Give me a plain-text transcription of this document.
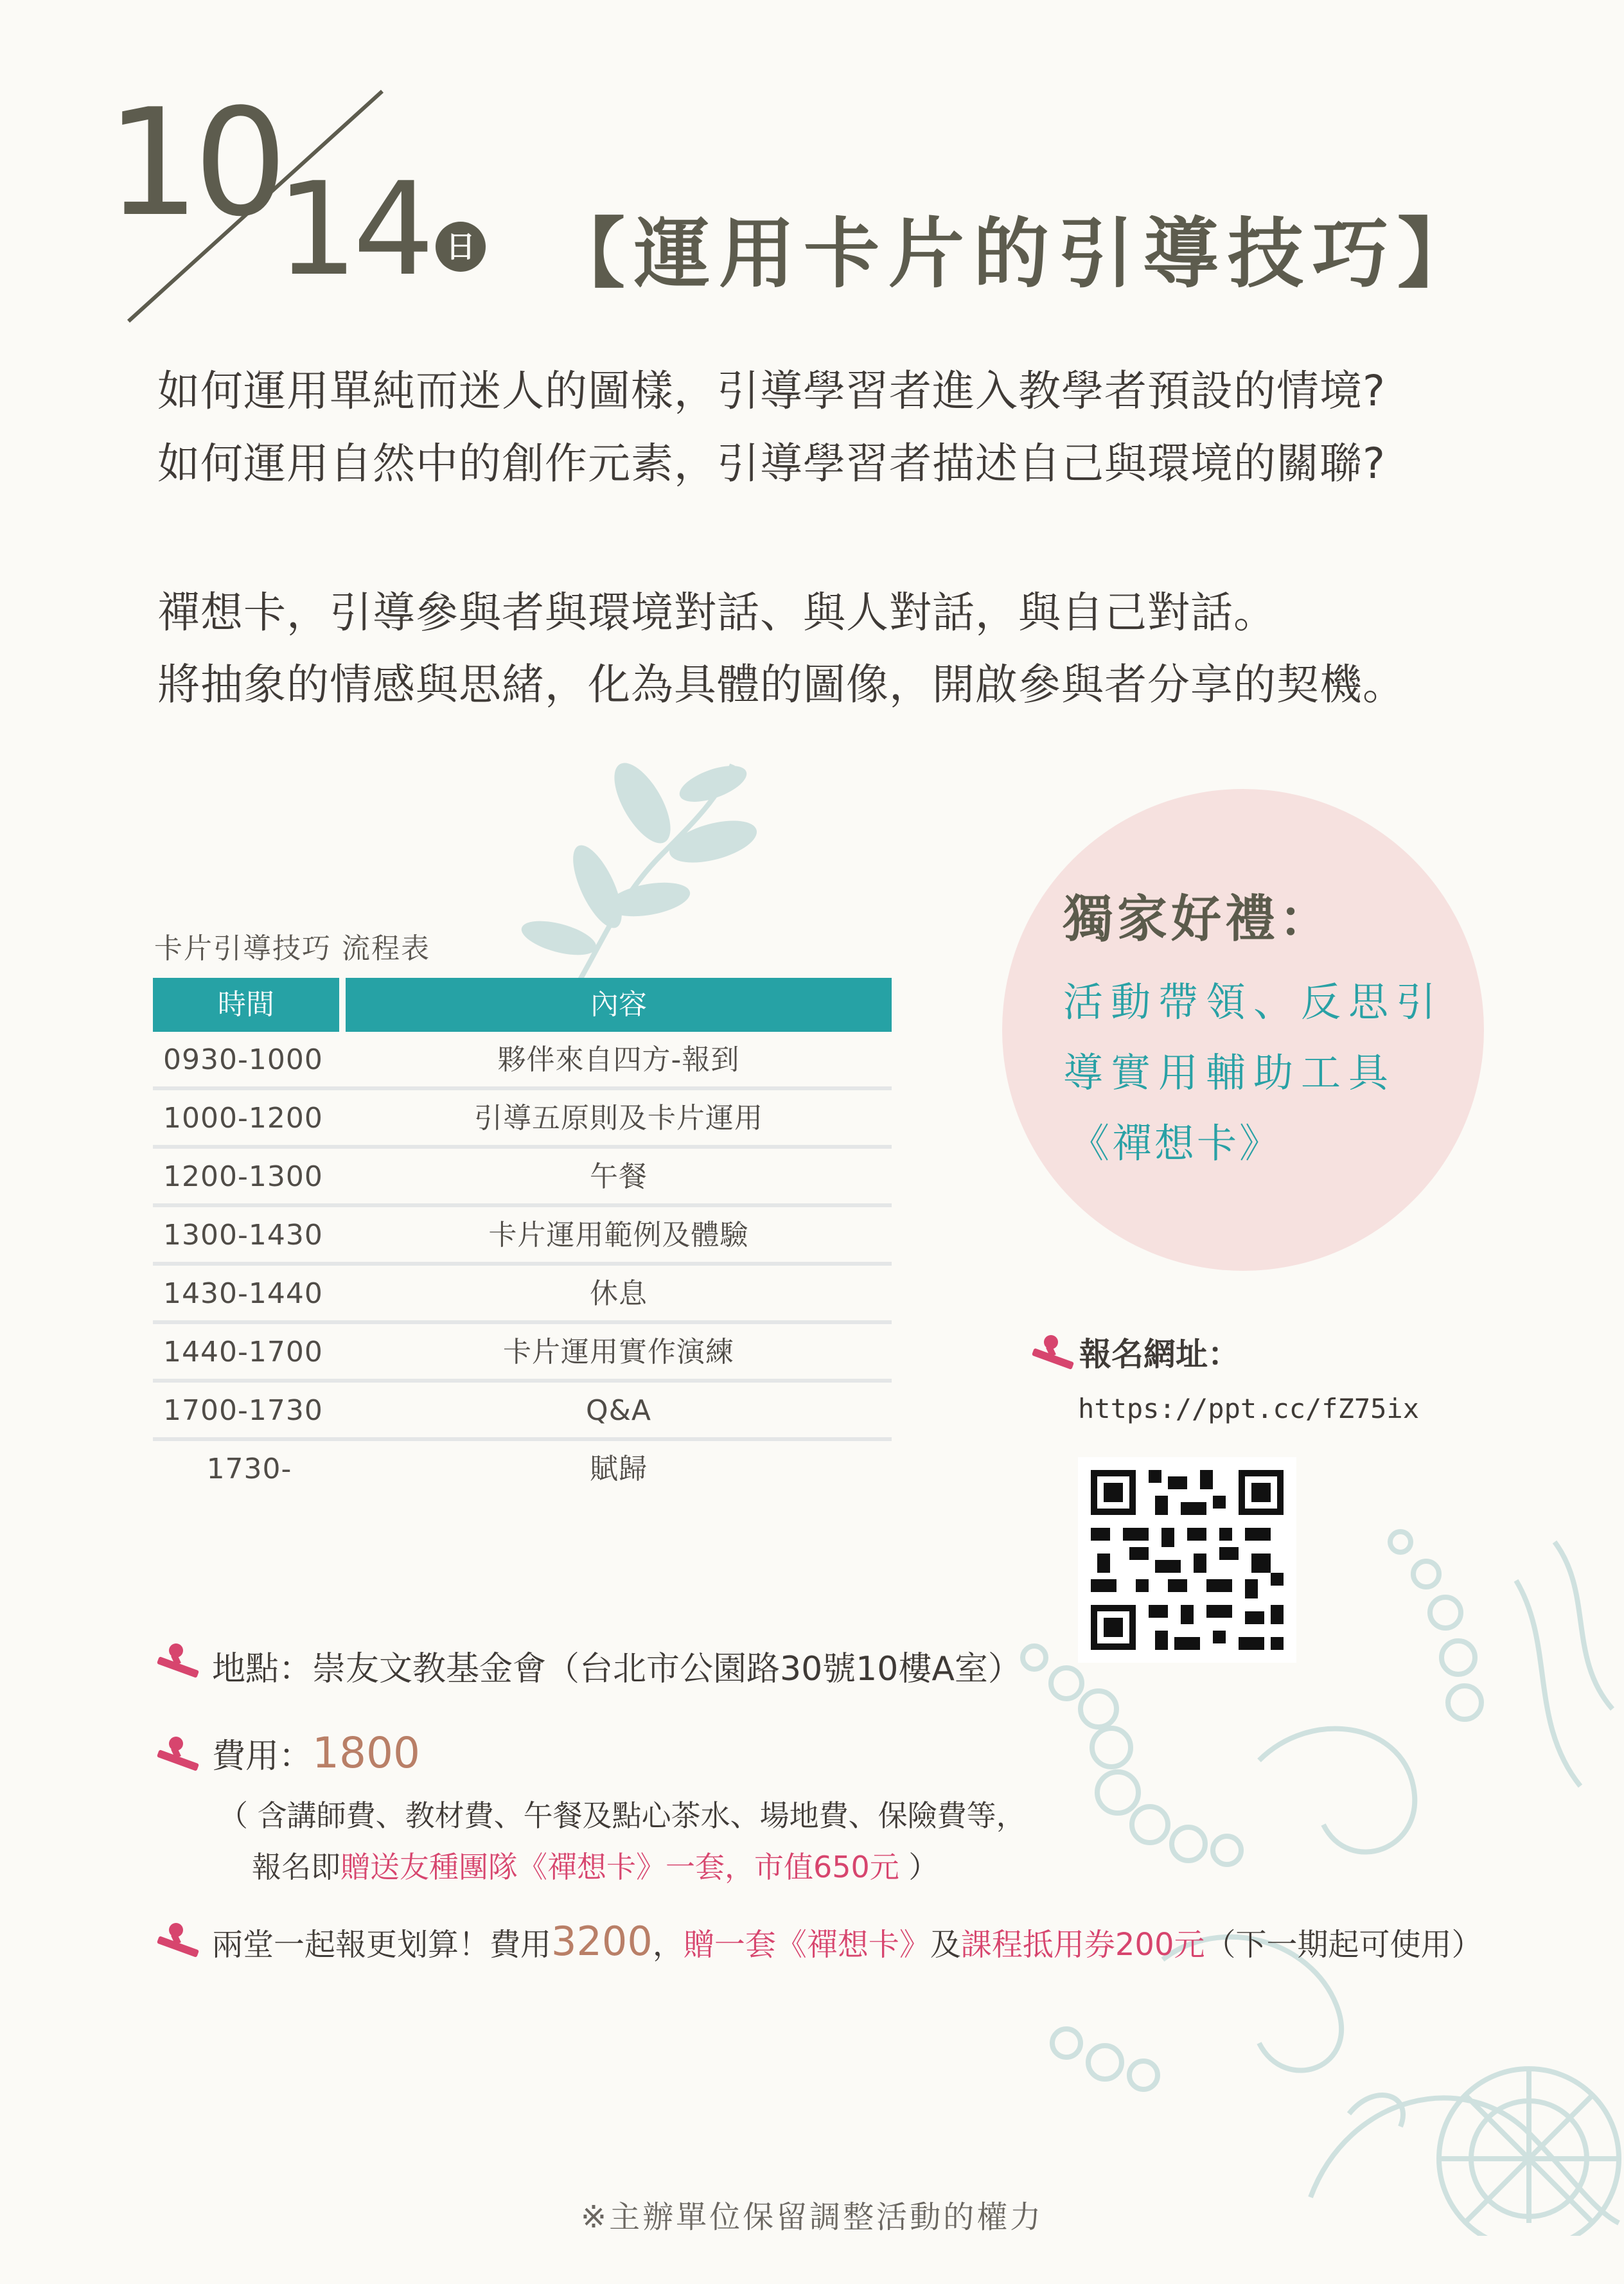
10
14 日 【運用卡片的引導技巧】
如何運用單純而迷人的圖樣，引導學習者進入教學者預設的情境?
如何運用自然中的創作元素，引導學習者描述自己與環境的關聯?
禪想卡，引導參與者與環境對話、與人對話，與自己對話。
將抽象的情感與思緒，化為具體的圖像，開啟參與者分享的契機。
卡片引導技巧 流程表
時間	內容
0930-1000	夥伴來自四方-報到
1000-1200	引導五原則及卡片運用
1200-1300	午餐
1300-1430	卡片運用範例及體驗
1430-1440	休息
1440-1700	卡片運用實作演練
1700-1730	Q&A
1730-	賦歸
獨家好禮：
活動帶領、反思引
導實用輔助工具
《禪想卡》
報名網址：
https://ppt.cc/fZ75ix
地點：崇友文教基金會（台北市公園路30號10樓A室）
費用：1800
（ 含講師費、教材費、午餐及點心茶水、場地費、保險費等，
報名即贈送友種團隊《禪想卡》一套，市值650元 ）
兩堂一起報更划算！費用3200，贈一套《禪想卡》及課程抵用券200元（下一期起可使用）
※主辦單位保留調整活動的權力
